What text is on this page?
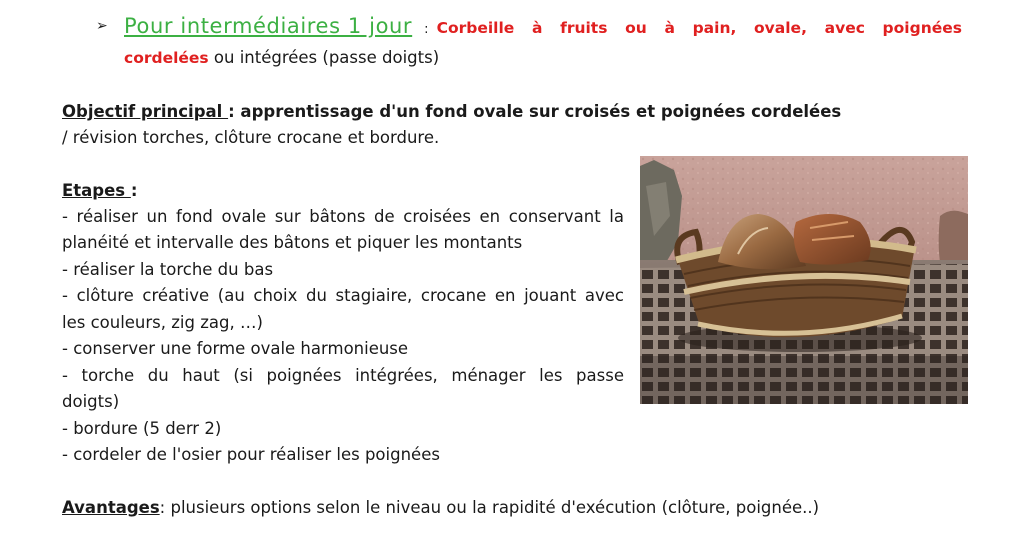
➢ Pour intermédiaires 1 jour : Corbeille à fruits ou à pain, ovale, avec poignées
cordelées ou intégrées (passe doigts)
Objectif principal : apprentissage d'un fond ovale sur croisés et poignées cordelées
/ révision torches, clôture crocane et bordure.
Etapes :
- réaliser un fond ovale sur bâtons de croisées en conservant la
planéité et intervalle des bâtons et piquer les montants
- réaliser la torche du bas
- clôture créative (au choix du stagiaire, crocane en jouant avec
les couleurs, zig zag, …)
- conserver une forme ovale harmonieuse
- torche du haut (si poignées intégrées, ménager les passe
doigts)
- bordure (5 derr 2)
- cordeler de l'osier pour réaliser les poignées
Avantages: plusieurs options selon le niveau ou la rapidité d'exécution (clôture, poignée..)
